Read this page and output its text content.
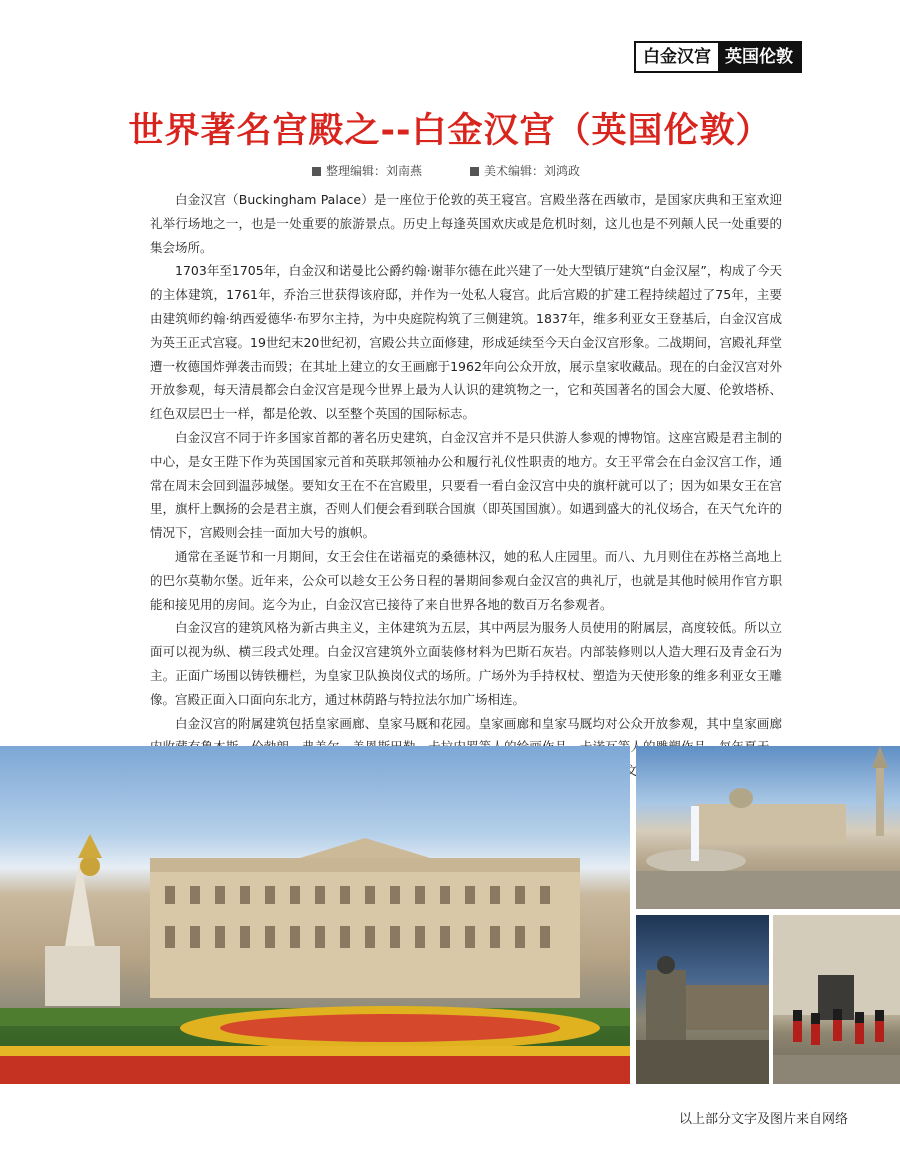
白金汉宫 英国伦敦
世界著名宫殿之--白金汉宫（英国伦敦）
整理编辑：刘南燕	美术编辑：刘鸿政

白金汉宫（Buckingham Palace）是一座位于伦敦的英王寝宫。宫殿坐落在西敏市，是国家庆典和王室欢迎礼举行场地之一，也是一处重要的旅游景点。历史上每逢英国欢庆或是危机时刻，这儿也是不列颠人民一处重要的集会场所。

1703年至1705年，白金汉和诺曼比公爵约翰·谢菲尔德在此兴建了一处大型镇厅建筑“白金汉屋”，构成了今天的主体建筑，1761年，乔治三世获得该府邸，并作为一处私人寝宫。此后宫殿的扩建工程持续超过了75年，主要由建筑师约翰·纳西爱德华·布罗尔主持，为中央庭院构筑了三侧建筑。1837年，维多利亚女王登基后，白金汉宫成为英王正式宫寝。19世纪末20世纪初，宫殿公共立面修建，形成延续至今天白金汉宫形象。二战期间，宫殿礼拜堂遭一枚德国炸弹袭击而毁；在其址上建立的女王画廊于1962年向公众开放，展示皇家收藏品。现在的白金汉宫对外开放参观，每天清晨都会白金汉宫是现今世界上最为人认识的建筑物之一，它和英国著名的国会大厦、伦敦塔桥、红色双层巴士一样，都是伦敦、以至整个英国的国际标志。

白金汉宫不同于许多国家首都的著名历史建筑，白金汉宫并不是只供游人参观的博物馆。这座宫殿是君主制的中心，是女王陛下作为英国国家元首和英联邦领袖办公和履行礼仪性职责的地方。女王平常会在白金汉宫工作，通常在周末会回到温莎城堡。要知女王在不在宫殿里，只要看一看白金汉宫中央的旗杆就可以了；因为如果女王在宫里，旗杆上飘扬的会是君主旗，否则人们便会看到联合国旗（即英国国旗）。如遇到盛大的礼仪场合，在天气允许的情况下，宫殿则会挂一面加大号的旗帜。

通常在圣诞节和一月期间，女王会住在诺福克的桑德林汉，她的私人庄园里。而八、九月则住在苏格兰高地上的巴尔莫勒尔堡。近年来，公众可以趁女王公务日程的暑期间参观白金汉宫的典礼厅，也就是其他时候用作官方职能和接见用的房间。迄今为止，白金汉宫已接待了来自世界各地的数百万名参观者。

白金汉宫的建筑风格为新古典主义，主体建筑为五层，其中两层为服务人员使用的附属层，高度较低。所以立面可以视为纵、横三段式处理。白金汉宫建筑外立面装修材料为巴斯石灰岩。内部装修则以人造大理石及青金石为主。正面广场围以铸铁栅栏，为皇家卫队换岗仪式的场所。广场外为手持权杖、塑造为天使形象的维多利亚女王雕像。宫殿正面入口面向东北方，通过林荫路与特拉法尔加广场相连。

白金汉宫的附属建筑包括皇家画廊、皇家马厩和花园。皇家画廊和皇家马厩均对公众开放参观，其中皇家画廊 等人 文

以上部分文字及图片来自网络
